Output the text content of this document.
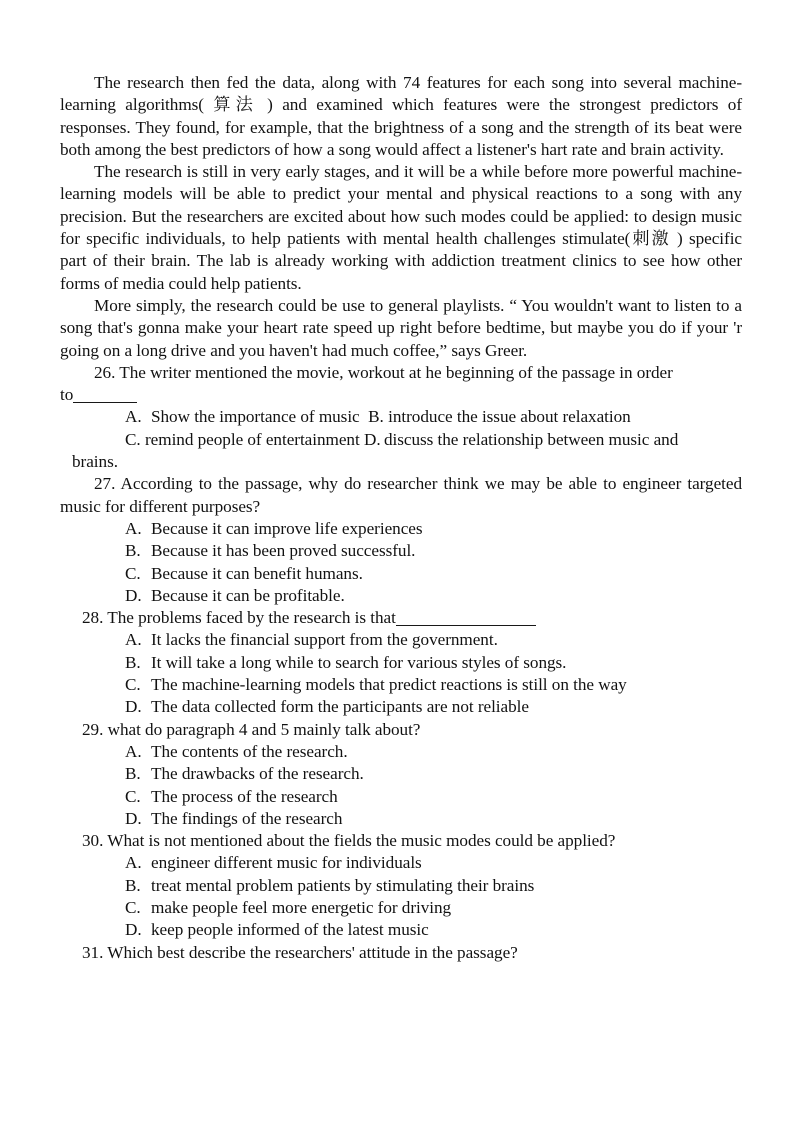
The research then fed the data, along with 74 features for each song into several machine-learning algorithms( 算法 ) and examined which features were the strongest predictors of responses. They found, for example, that the brightness of a song and the strength of its beat were both among the best predictors of how a song would affect a listener's hart rate and brain activity.

The research is still in very early stages, and it will be a while before more powerful machine-learning models will be able to predict your mental and physical reactions to a song with any precision. But the researchers are excited about how such modes could be applied: to design music for specific individuals, to help patients with mental health challenges stimulate(刺激 ) specific part of their brain. The lab is already working with addiction treatment clinics to see how other forms of media could help patients.

More simply, the research could be use to general playlists. “ You wouldn't want to listen to a song that's gonna make your heart rate speed up right before bedtime, but maybe you do if your 'r going on a long drive and you haven't had much coffee,” says Greer.

26. The writer mentioned the movie, workout at he beginning of the passage in order

to

A. Show the importance of music B. introduce the issue about relaxation

C. remind people of entertainment D. discuss the relationship between music and

brains.

27. According to the passage, why do researcher think we may be able to engineer targeted music for different purposes?

A. Because it can improve life experiences

B. Because it has been proved successful.

C. Because it can benefit humans.

D. Because it can be profitable.

28. The problems faced by the research is that

A. It lacks the financial support from the government.

B. It will take a long while to search for various styles of songs.

C. The machine-learning models that predict reactions is still on the way

D. The data collected form the participants are not reliable

29. what do paragraph 4 and 5 mainly talk about?

A. The contents of the research.

B. The drawbacks of the research.

C. The process of the research

D. The findings of the research

30. What is not mentioned about the fields the music modes could be applied?

A. engineer different music for individuals

B. treat mental problem patients by stimulating their brains

C. make people feel more energetic for driving

D. keep people informed of the latest music

31. Which best describe the researchers' attitude in the passage?
